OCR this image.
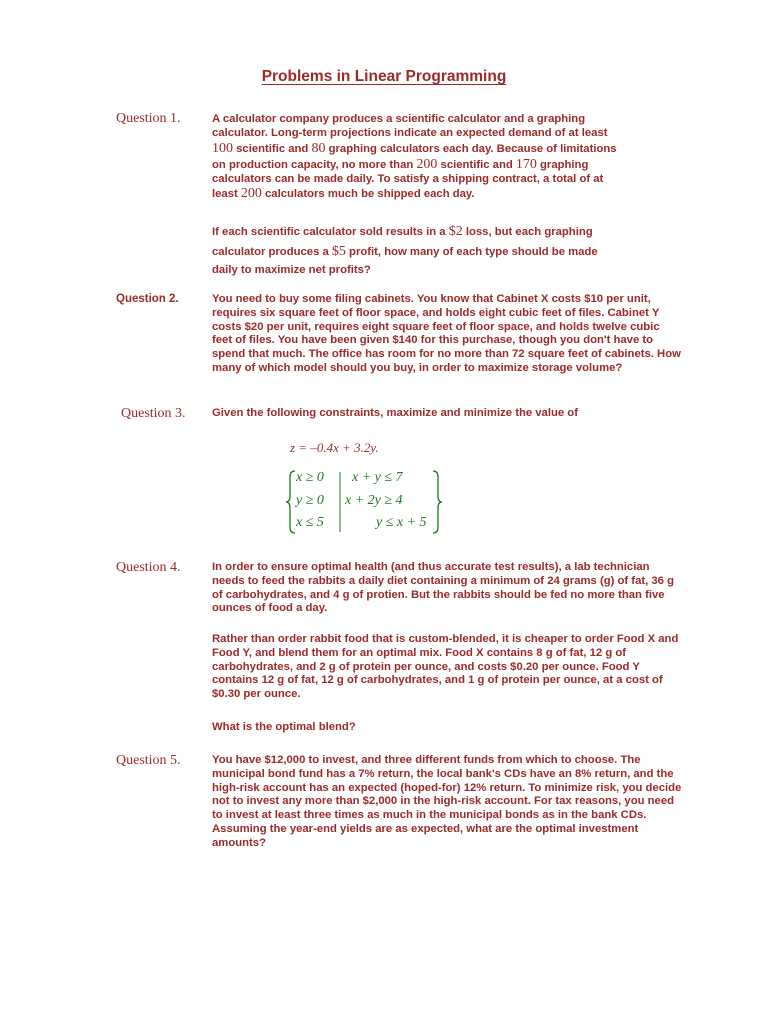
Problems in Linear Programming
Question 1.	A calculator company produces a scientific calculator and a graphing
calculator. Long-term projections indicate an expected demand of at least
100 scientific and 80 graphing calculators each day. Because of limitations
on production capacity, no more than 200 scientific and 170 graphing
calculators can be made daily. To satisfy a shipping contract, a total of at
least 200 calculators much be shipped each day.
If each scientific calculator sold results in a $2 loss, but each graphing
calculator produces a $5 profit, how many of each type should be made
daily to maximize net profits?
Question 2.	You need to buy some filing cabinets. You know that Cabinet X costs $10 per unit, requires six square feet of floor space, and holds eight cubic feet of files. Cabinet Y costs $20 per unit, requires eight square feet of floor space, and holds twelve cubic feet of files. You have been given $140 for this purchase, though you don't have to spend that much. The office has room for no more than 72 square feet of cabinets. How many of which model should you buy, in order to maximize storage volume?

Question 3. Given the following constraints, maximize and minimize the value of

z = –0.4x + 3.2y.
x ≥ 0
y ≥ 0
x ≤ 5
x + y ≤ 7
x + 2y ≥ 4
y ≤ x + 5
Question 4.	In order to ensure optimal health (and thus accurate test results), a lab technician needs to feed the rabbits a daily diet containing a minimum of 24 grams (g) of fat, 36 g of carbohydrates, and 4 g of protien. But the rabbits should be fed no more than five ounces of food a day.

Rather than order rabbit food that is custom-blended, it is cheaper to order Food X and Food Y, and blend them for an optimal mix. Food X contains 8 g of fat, 12 g of carbohydrates, and 2 g of protein per ounce, and costs $0.20 per ounce. Food Y contains 12 g of fat, 12 g of carbohydrates, and 1 g of protein per ounce, at a cost of $0.30 per ounce.

What is the optimal blend?

Question 5.	You have $12,000 to invest, and three different funds from which to choose. The municipal bond fund has a 7% return, the local bank's CDs have an 8% return, and the high-risk account has an expected (hoped-for) 12% return. To minimize risk, you decide not to invest any more than $2,000 in the high-risk account. For tax reasons, you need to invest at least three times as much in the municipal bonds as in the bank CDs. Assuming the year-end yields are as expected, what are the optimal investment amounts?
